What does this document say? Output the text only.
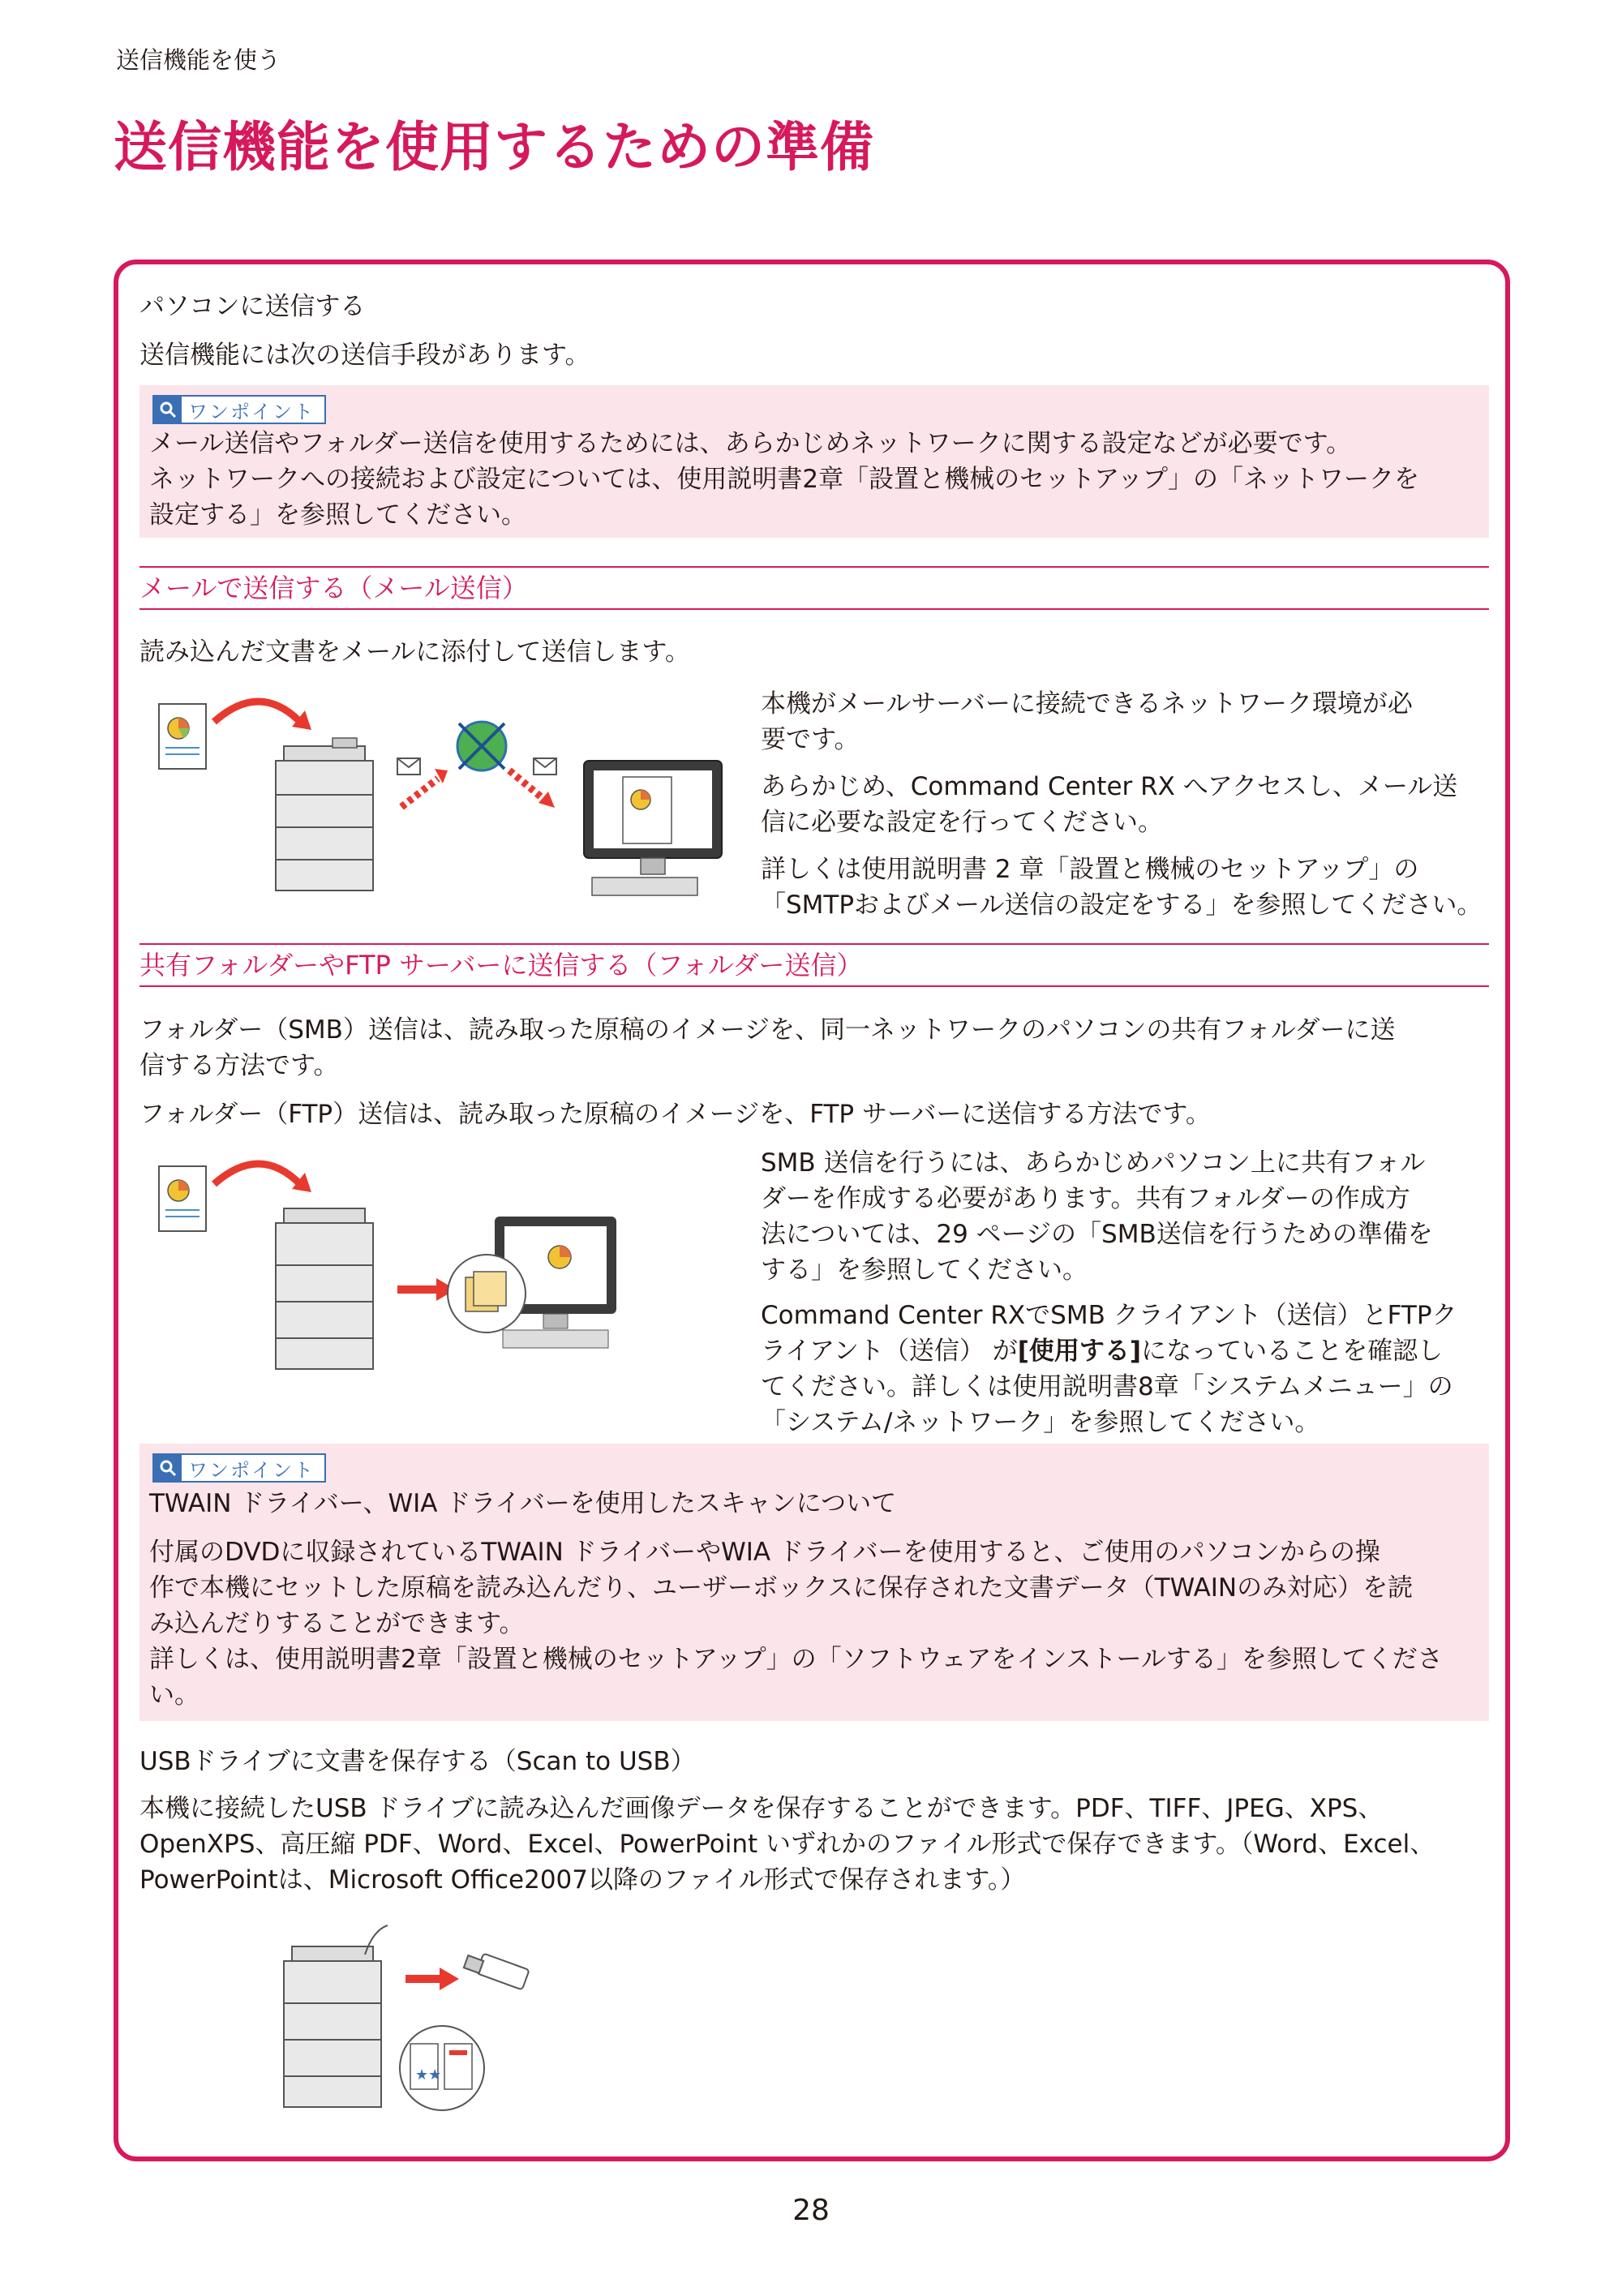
送信機能を使う
送信機能を使用するための準備
パソコンに送信する
送信機能には次の送信手段があります。
ワンポイント
メール送信やフォルダー送信を使用するためには、あらかじめネットワークに関する設定などが必要です。
ネットワークへの接続および設定については、使用説明書2章「設置と機械のセットアップ」の「ネットワークを
設定する」を参照してください。
メールで送信する（メール送信）
読み込んだ文書をメールに添付して送信します。

本機がメールサーバーに接続できるネットワーク環境が必

要です。

あらかじめ、Command Center RX へアクセスし、メール送

信に必要な設定を行ってください。

詳しくは使用説明書 2 章「設置と機械のセットアップ」の

「SMTPおよびメール送信の設定をする」を参照してください。

共有フォルダーやFTP サーバーに送信する（フォルダー送信）

フォルダー（SMB）送信は、読み取った原稿のイメージを、同一ネットワークのパソコンの共有フォルダーに送

信する方法です。

フォルダー（FTP）送信は、読み取った原稿のイメージを、FTP サーバーに送信する方法です。

SMB 送信を行うには、あらかじめパソコン上に共有フォル

ダーを作成する必要があります。共有フォルダーの作成方

法については、29 ページの「SMB送信を行うための準備を

する」を参照してください。

Command Center RXでSMB クライアント（送信）とFTPク

ライアント（送信） が[使用する]になっていることを確認し

てください。詳しくは使用説明書8章「システムメニュー」の

「システム/ネットワーク」を参照してください。

ワンポイント
TWAIN ドライバー、WIA ドライバーを使用したスキャンについて
付属のDVDに収録されているTWAIN ドライバーやWIA ドライバーを使用すると、ご使用のパソコンからの操
作で本機にセットした原稿を読み込んだり、ユーザーボックスに保存された文書データ（TWAINのみ対応）を読
み込んだりすることができます。
詳しくは、使用説明書2章「設置と機械のセットアップ」の「ソフトウェアをインストールする」を参照してくださ
い。
USBドライブに文書を保存する（Scan to USB）

本機に接続したUSB ドライブに読み込んだ画像データを保存することができます。PDF、TIFF、JPEG、XPS、

OpenXPS、高圧縮 PDF、Word、Excel、PowerPoint いずれかのファイル形式で保存できます。（Word、Excel、

PowerPointは、Microsoft Office2007以降のファイル形式で保存されます。）

★★
28
